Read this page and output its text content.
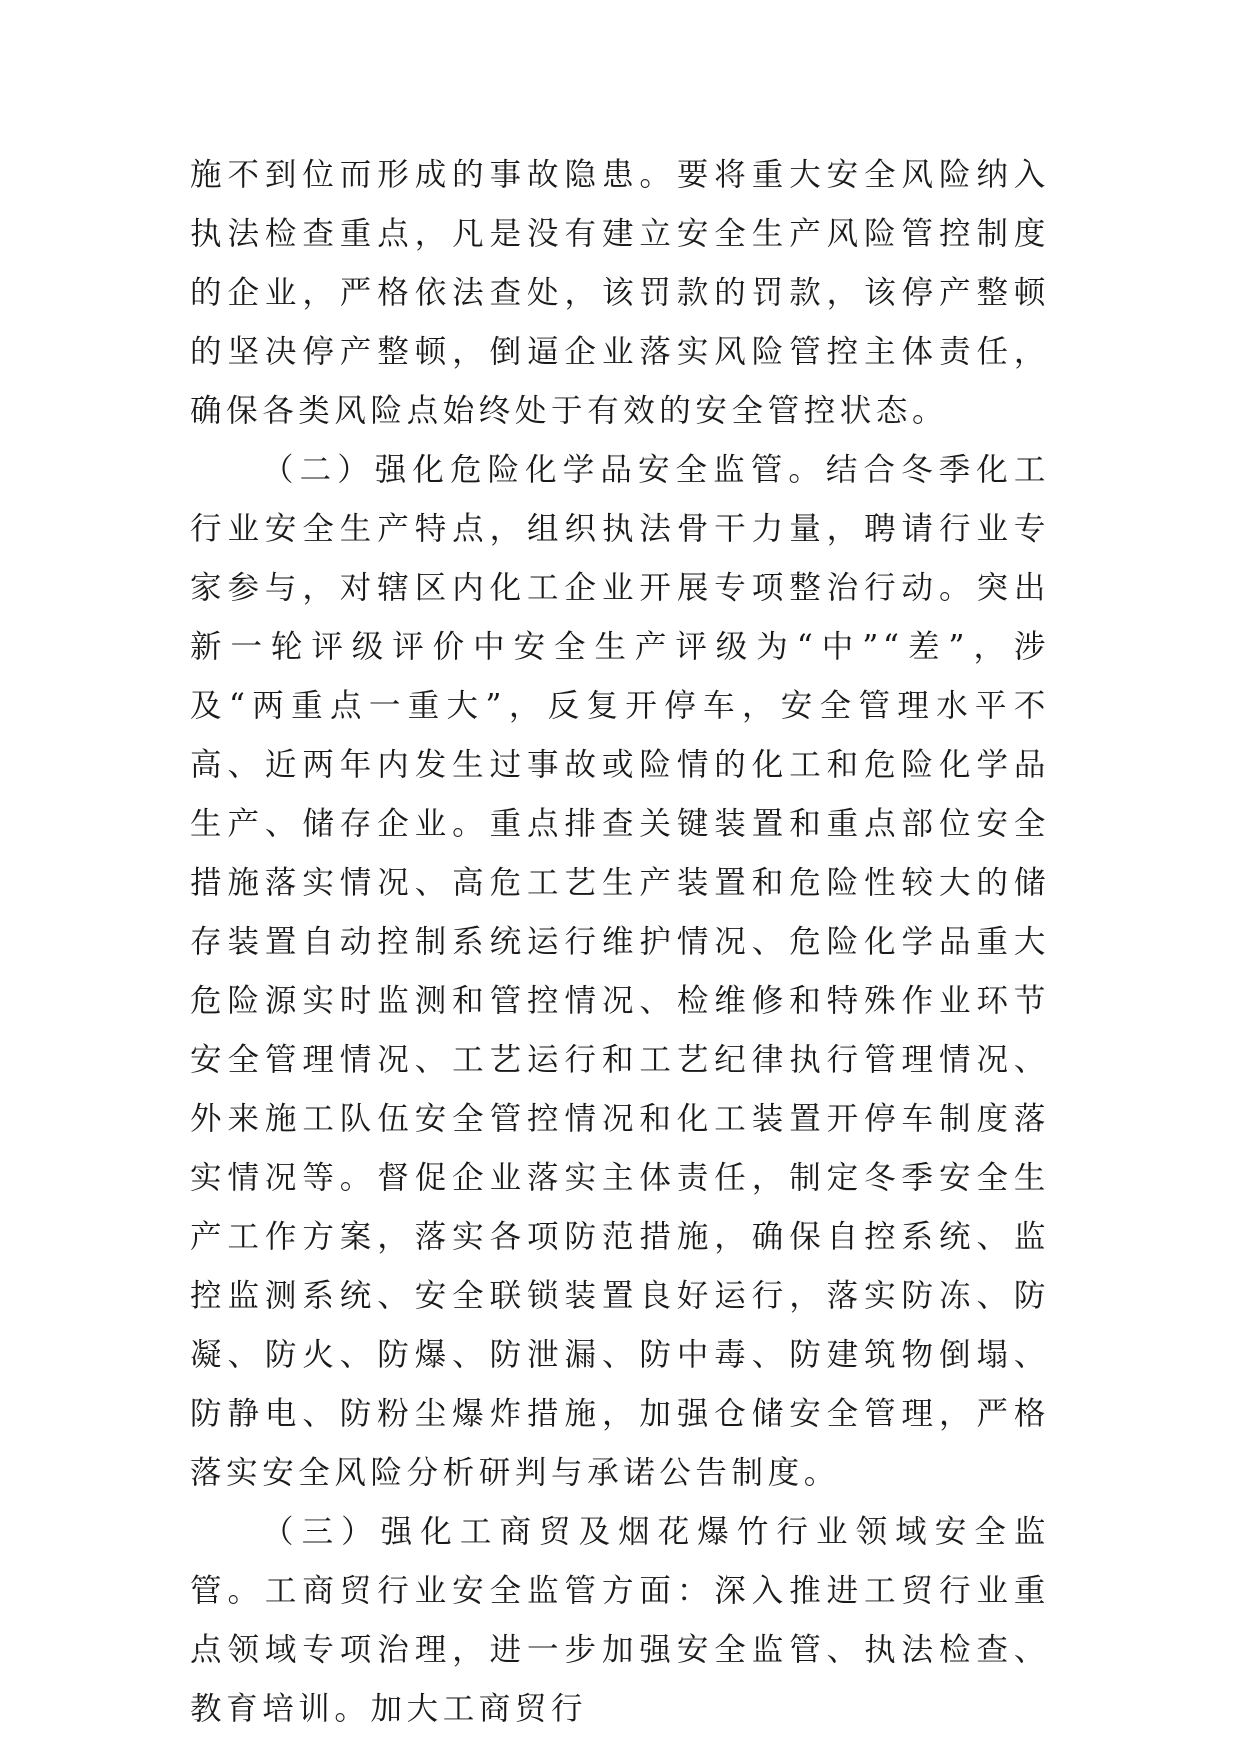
施不到位而形成的事故隐患。要将重大安全风险纳入执法检查重点，凡是没有建立安全生产风险管控制度的企业，严格依法查处，该罚款的罚款，该停产整顿的坚决停产整顿，倒逼企业落实风险管控主体责任，确保各类风险点始终处于有效的安全管控状态。

（二）强化危险化学品安全监管。结合冬季化工行业安全生产特点，组织执法骨干力量，聘请行业专家参与，对辖区内化工企业开展专项整治行动。突出新一轮评级评价中安全生产评级为“中”“差”，涉及“两重点一重大”，反复开停车，安全管理水平不高、近两年内发生过事故或险情的化工和危险化学品生产、储存企业。重点排查关键装置和重点部位安全措施落实情况、高危工艺生产装置和危险性较大的储存装置自动控制系统运行维护情况、危险化学品重大危险源实时监测和管控情况、检维修和特殊作业环节安全管理情况、工艺运行和工艺纪律执行管理情况、外来施工队伍安全管控情况和化工装置开停车制度落实情况等。督促企业落实主体责任，制定冬季安全生产工作方案，落实各项防范措施，确保自控系统、监控监测系统、安全联锁装置良好运行，落实防冻、防凝、防火、防爆、防泄漏、防中毒、防建筑物倒塌、防静电、防粉尘爆炸措施，加强仓储安全管理，严格落实安全风险分析研判与承诺公告制度。

（三）强化工商贸及烟花爆竹行业领域安全监管。工商贸行业安全监管方面：深入推进工贸行业重点领域专项治理，进一步加强安全监管、执法检查、教育培训。加大工商贸行
